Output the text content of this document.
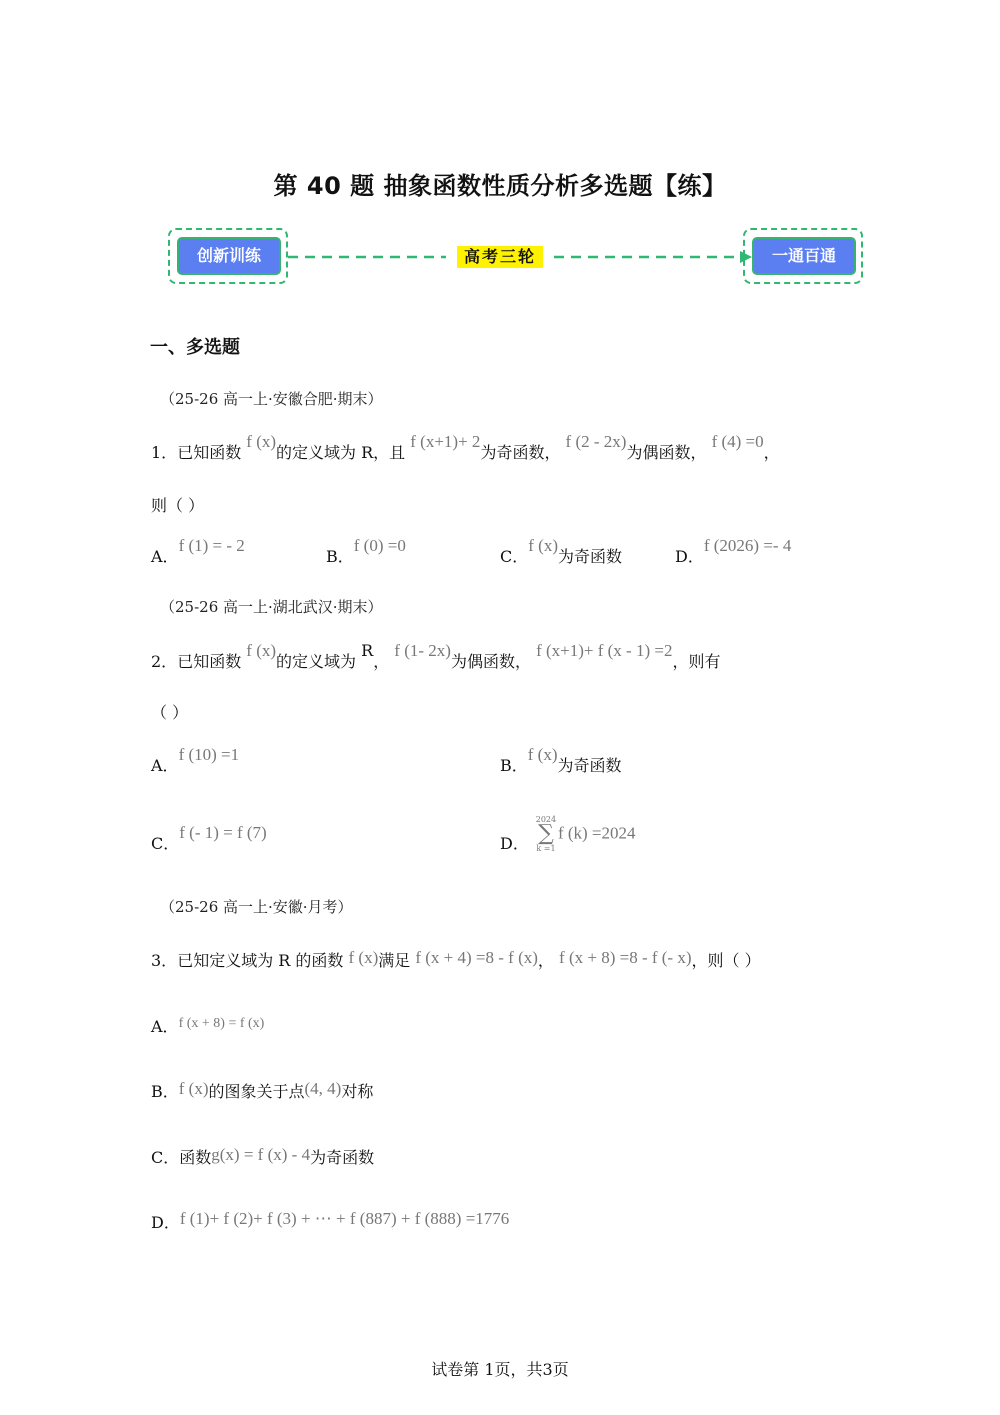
第 40 题 抽象函数性质分析多选题【练】
创新训练	高考三轮	一通百通
一、多选题
（25-26 高一上·安徽合肥·期末）
1．已知函数 f (x)的定义域为 R，且 f (x+1)+ 2为奇函数， f (2 - 2x)为偶函数， f (4) =0，
则（ ）
A．f (1) = - 2
B．f (0) =0
C．f (x)为奇函数	D．f (2026) =- 4
（25-26 高一上·湖北武汉·期末）
2．已知函数 f (x)的定义域为 R， f (1- 2x)为偶函数， f (x+1)+ f (x - 1) =2，则有
（ ）
A．f (10) =1
B．f (x)为奇函数
C．f (- 1) = f (7)
D．
2024
∑
k =1
f (k) =2024
（25-26 高一上·安徽·月考）
3．已知定义域为 R 的函数 f (x)满足 f (x + 4) =8 - f (x)， f (x + 8) =8 - f (- x)，则（ ）
A．f (x + 8) = f (x)
B．f (x)的图象关于点(4, 4)对称
C．函数g(x) = f (x) - 4为奇函数
D．f (1)+ f (2)+ f (3) + ⋯ + f (887) + f (888) =1776
试卷第 1页，共3页
